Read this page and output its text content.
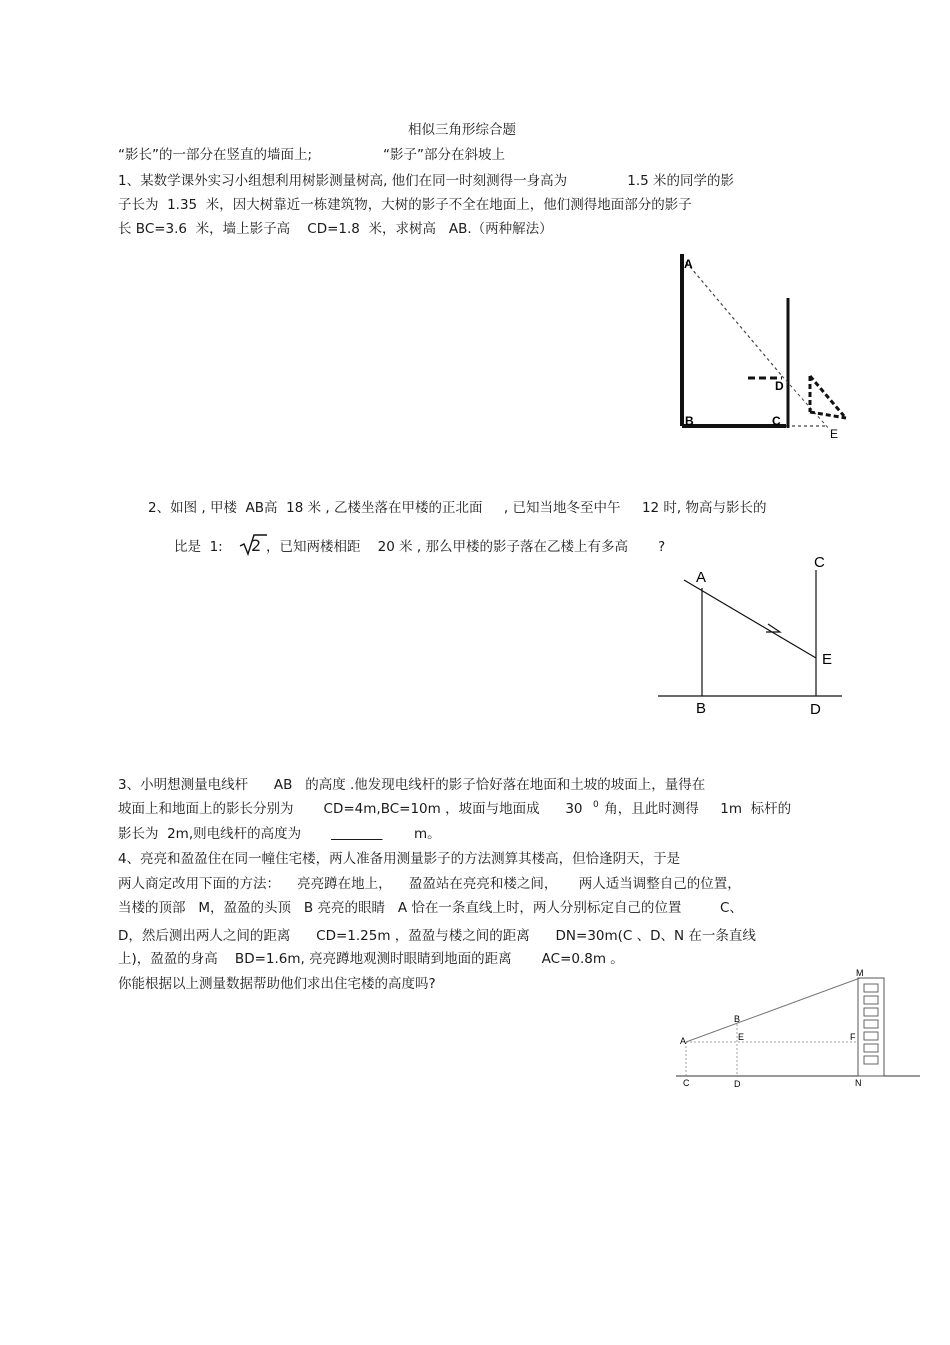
相似三角形综合题
“影长”的一部分在竖直的墙面上;	“影子”部分在斜坡上
1、某数学课外实习小组想利用树影测量树高, 他们在同一时刻测得一身高为              1.5 米的同学的影
子长为  1.35  米，因大树靠近一栋建筑物，大树的影子不全在地面上，他们测得地面部分的影子
长 BC=3.6  米，墙上影子高    CD=1.8  米，求树高   AB.（两种解法）
A
B	C
D
E
2、如图 , 甲楼  AB高  18 米 , 乙楼坐落在甲楼的正北面     , 已知当地冬至中午     12 时, 物高与影长的
比是  1: 2 ，已知两楼相距    20 米 , 那么甲楼的影子落在乙楼上有多高       ?
A
B
C
D
E
3、小明想测量电线杆      AB   的高度 .他发现电线杆的影子恰好落在地面和土坡的坡面上，量得在
坡面上和地面上的影长分别为       CD=4m,BC=10m ，坡面与地面成      30 0 角，且此时测得     1m  标杆的
影长为  2m,则电线杆的高度为
	m。
4、亮亮和盈盈住在同一幢住宅楼，两人准备用测量影子的方法测算其楼高，但恰逢阴天，于是
两人商定改用下面的方法：    亮亮蹲在地上，    盈盈站在亮亮和楼之间，     两人适当调整自己的位置，
当楼的顶部   M，盈盈的头顶   B 亮亮的眼睛   A 恰在一条直线上时，两人分别标定自己的位置         C、
D，然后测出两人之间的距离      CD=1.25m ，盈盈与楼之间的距离      DN=30m(C 、D、N 在一条直线
上)，盈盈的身高    BD=1.6m, 亮亮蹲地观测时眼睛到地面的距离       AC=0.8m 。
你能根据以上测量数据帮助他们求出住宅楼的高度吗?
M
B
A	E	F
C	D	N
